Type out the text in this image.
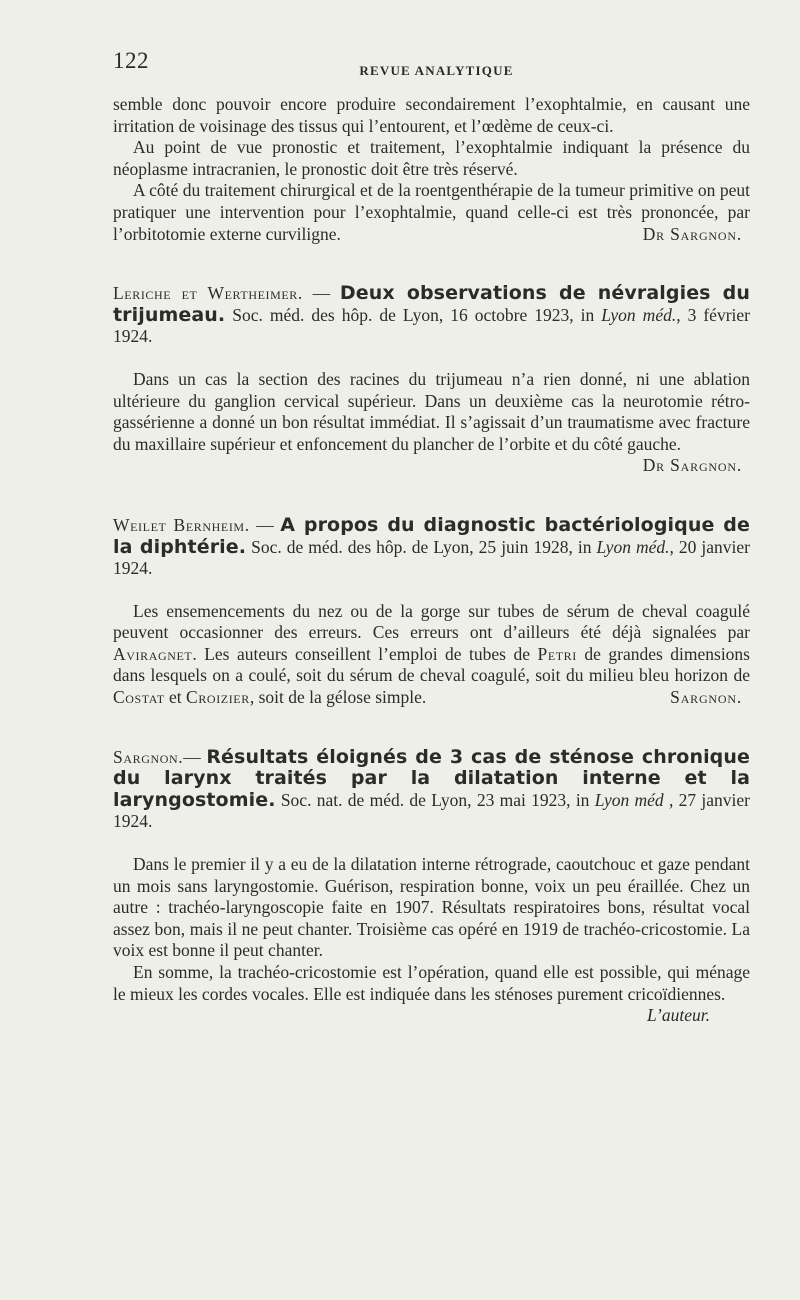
122	REVUE ANALYTIQUE

semble donc pouvoir encore produire secondairement l’exophtalmie, en causant une irritation de voisinage des tissus qui l’entourent, et l’œdème de ceux-ci.

Au point de vue pronostic et traitement, l’exophtalmie indiquant la présence du néoplasme intracranien, le pronostic doit être très réservé.

A côté du traitement chirurgical et de la roentgenthérapie de la tumeur primitive on peut pratiquer une intervention pour l’exophtalmie, quand celle-ci est très prononcée, par l’orbitotomie externe curviligne.	Dr Sargnon.

Leriche et Wertheimer. — Deux observations de névralgies du trijumeau. Soc. méd. des hôp. de Lyon, 16 octobre 1923, in Lyon méd., 3 février 1924.

Dans un cas la section des racines du trijumeau n’a rien donné, ni une ablation ultérieure du ganglion cervical supérieur. Dans un deuxième cas la neurotomie rétro-gassérienne a donné un bon résultat immédiat. Il s’agissait d’un traumatisme avec fracture du maxillaire supérieur et enfoncement du plancher de l’orbite et du côté gauche.
Dr Sargnon.

Weilet Bernheim. — A propos du diagnostic bactériologique de la diphtérie. Soc. de méd. des hôp. de Lyon, 25 juin 1928, in Lyon méd., 20 janvier 1924.

Les ensemencements du nez ou de la gorge sur tubes de sérum de cheval coagulé peuvent occasionner des erreurs. Ces erreurs ont d’ailleurs été déjà signalées par Aviragnet. Les auteurs conseillent l’emploi de tubes de Petri de grandes dimensions dans lesquels on a coulé, soit du sérum de cheval coagulé, soit du milieu bleu horizon de Costat et Croizier, soit de la gélose simple.	Sargnon.

Sargnon.— Résultats éloignés de 3 cas de sténose chronique du larynx traités par la dilatation interne et la laryngostomie. Soc. nat. de méd. de Lyon, 23 mai 1923, in Lyon méd , 27 janvier 1924.

Dans le premier il y a eu de la dilatation interne rétrograde, caoutchouc et gaze pendant un mois sans laryngostomie. Guérison, respiration bonne, voix un peu éraillée. Chez un autre : trachéo-laryngoscopie faite en 1907. Résultats respiratoires bons, résultat vocal assez bon, mais il ne peut chanter. Troisième cas opéré en 1919 de trachéo-cricostomie. La voix est bonne il peut chanter.

En somme, la trachéo-cricostomie est l’opération, quand elle est possible, qui ménage le mieux les cordes vocales. Elle est indiquée dans les sténoses purement cricoïdiennes.
L’auteur.
